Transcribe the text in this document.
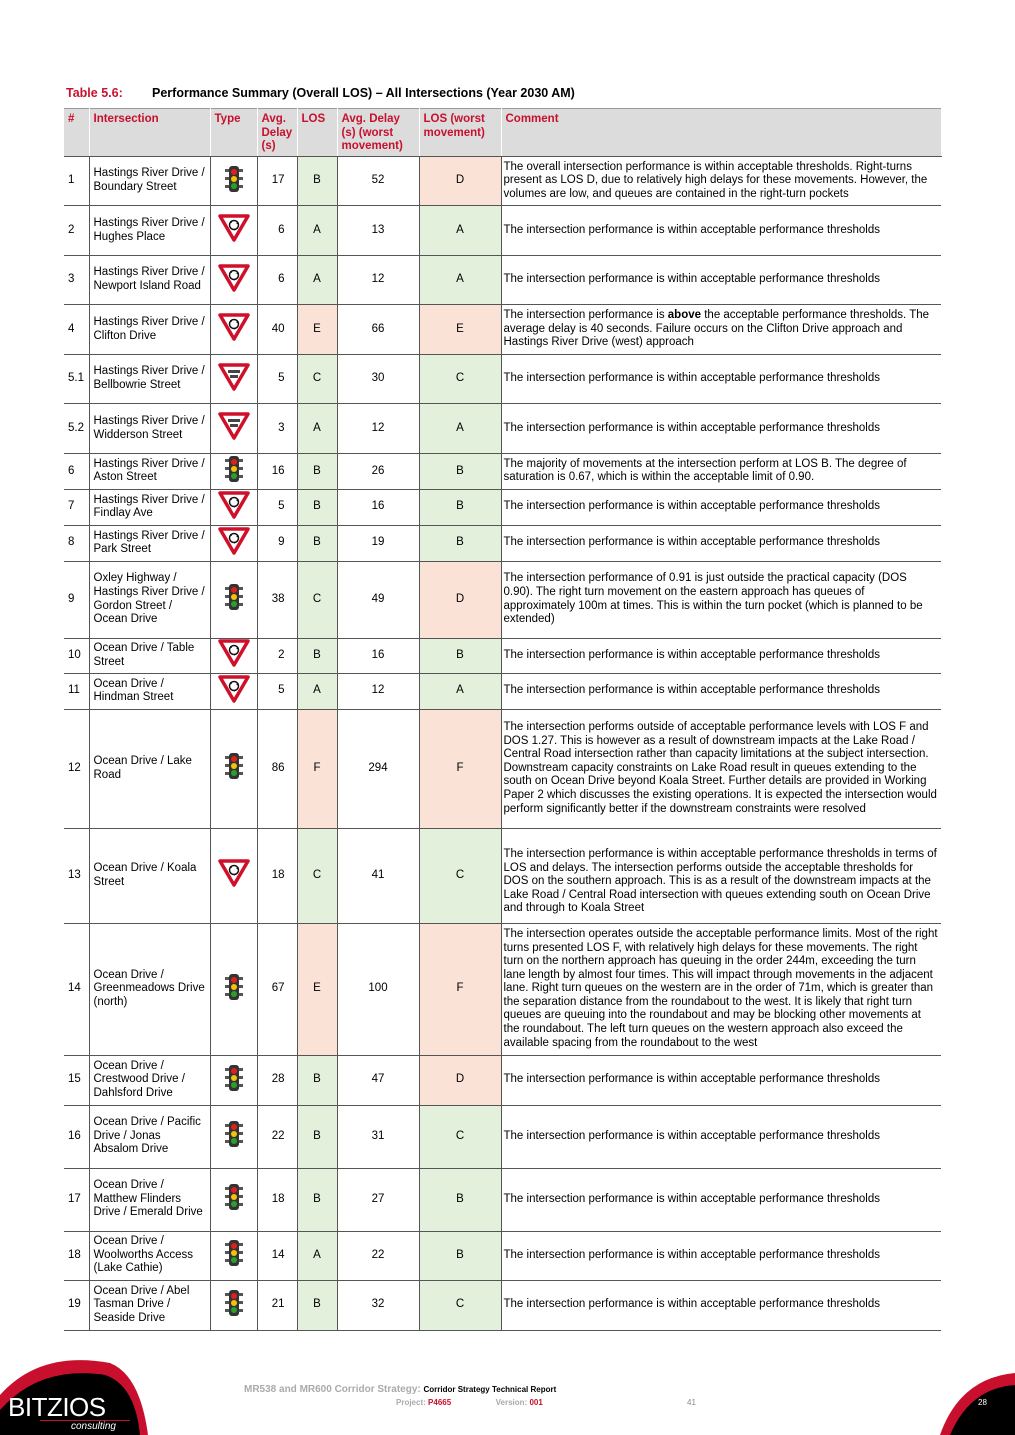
Table 5.6: Performance Summary (Overall LOS) – All Intersections (Year 2030 AM)
#	Intersection	Type	Avg. Delay (s)	LOS	Avg. Delay (s) (worst movement)	LOS (worst movement)	Comment
1	Hastings River Drive / Boundary Street		17	B	52	D	The overall intersection performance is within acceptable thresholds. Right-turns present as LOS D, due to relatively high delays for these movements. However, the volumes are low, and queues are contained in the right-turn pockets
2	Hastings River Drive / Hughes Place		6	A	13	A	The intersection performance is within acceptable performance thresholds
3	Hastings River Drive / Newport Island Road		6	A	12	A	The intersection performance is within acceptable performance thresholds
4	Hastings River Drive / Clifton Drive		40	E	66	E	The intersection performance is above the acceptable performance thresholds. The average delay is 40 seconds. Failure occurs on the Clifton Drive approach and Hastings River Drive (west) approach
5.1	Hastings River Drive / Bellbowrie Street		5	C	30	C	The intersection performance is within acceptable performance thresholds
5.2	Hastings River Drive / Widderson Street		3	A	12	A	The intersection performance is within acceptable performance thresholds
6	Hastings River Drive / Aston Street		16	B	26	B	The majority of movements at the intersection perform at LOS B. The degree of saturation is 0.67, which is within the acceptable limit of 0.90.
7	Hastings River Drive / Findlay Ave		5	B	16	B	The intersection performance is within acceptable performance thresholds
8	Hastings River Drive / Park Street		9	B	19	B	The intersection performance is within acceptable performance thresholds
9	Oxley Highway / Hastings River Drive / Gordon Street / Ocean Drive		38	C	49	D	The intersection performance of 0.91 is just outside the practical capacity (DOS 0.90). The right turn movement on the eastern approach has queues of approximately 100m at times. This is within the turn pocket (which is planned to be extended)
10	Ocean Drive / Table Street		2	B	16	B	The intersection performance is within acceptable performance thresholds
11	Ocean Drive / Hindman Street		5	A	12	A	The intersection performance is within acceptable performance thresholds
12	Ocean Drive / Lake Road		86	F	294	F	The intersection performs outside of acceptable performance levels with LOS F and DOS 1.27. This is however as a result of downstream impacts at the Lake Road / Central Road intersection rather than capacity limitations at the subject intersection. Downstream capacity constraints on Lake Road result in queues extending to the south on Ocean Drive beyond Koala Street. Further details are provided in Working Paper 2 which discusses the existing operations. It is expected the intersection would perform significantly better if the downstream constraints were resolved
13	Ocean Drive / Koala Street		18	C	41	C	The intersection performance is within acceptable performance thresholds in terms of LOS and delays. The intersection performs outside the acceptable thresholds for DOS on the southern approach. This is as a result of the downstream impacts at the Lake Road / Central Road intersection with queues extending south on Ocean Drive and through to Koala Street
14	Ocean Drive / Greenmeadows Drive (north)		67	E	100	F	The intersection operates outside the acceptable performance limits. Most of the right turns presented LOS F, with relatively high delays for these movements. The right turn on the northern approach has queuing in the order 244m, exceeding the turn lane length by almost four times. This will impact through movements in the adjacent lane. Right turn queues on the western are in the order of 71m, which is greater than the separation distance from the roundabout to the west. It is likely that right turn queues are queuing into the roundabout and may be blocking other movements at the roundabout. The left turn queues on the western approach also exceed the available spacing from the roundabout to the west
15	Ocean Drive / Crestwood Drive / Dahlsford Drive		28	B	47	D	The intersection performance is within acceptable performance thresholds
16	Ocean Drive / Pacific Drive / Jonas Absalom Drive		22	B	31	C	The intersection performance is within acceptable performance thresholds
17	Ocean Drive / Matthew Flinders Drive / Emerald Drive		18	B	27	B	The intersection performance is within acceptable performance thresholds
18	Ocean Drive / Woolworths Access (Lake Cathie)		14	A	22	B	The intersection performance is within acceptable performance thresholds
19	Ocean Drive / Abel Tasman Drive / Seaside Drive		21	B	32	C	The intersection performance is within acceptable performance thresholds
BITZIOS
consulting
MR538 and MR600 Corridor Strategy: Corridor Strategy Technical Report
Project: P4665	Version: 001	41	28
